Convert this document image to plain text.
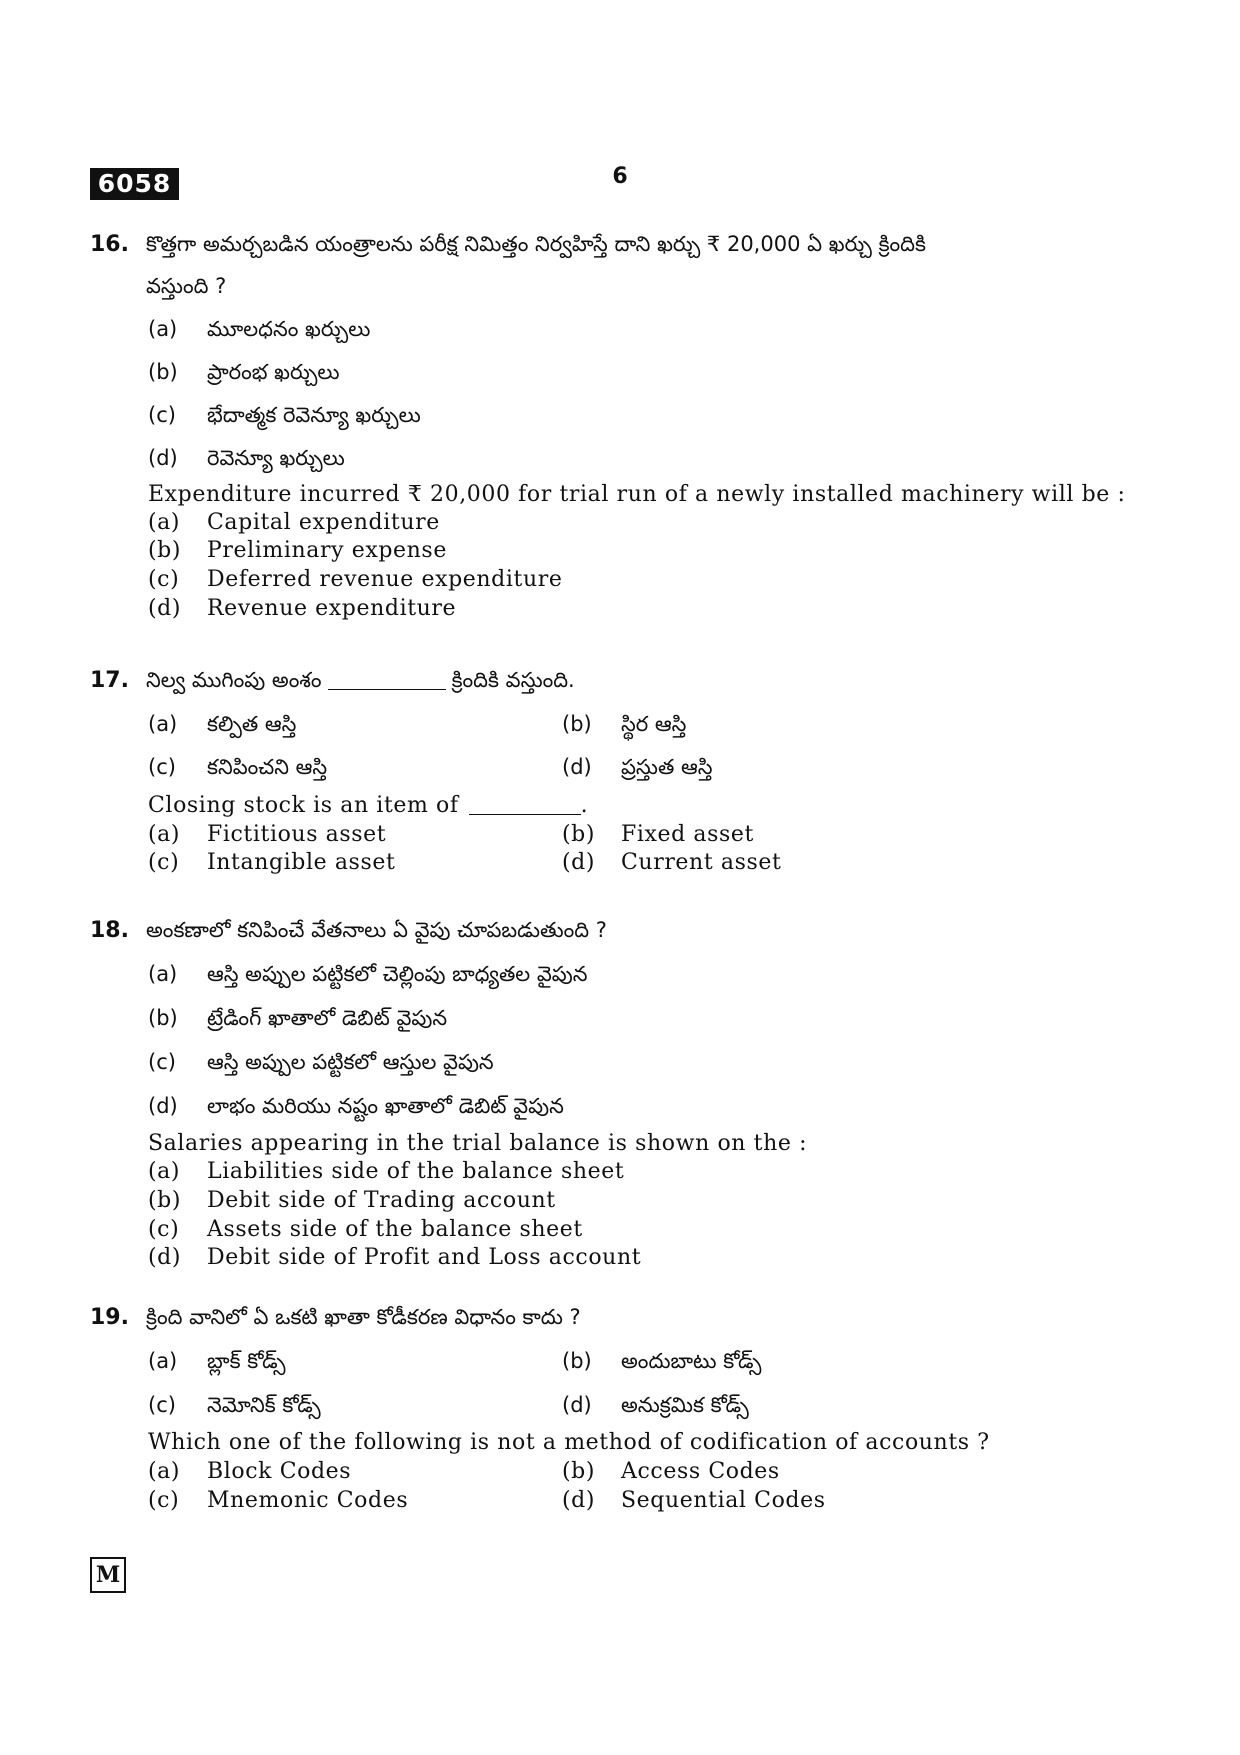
6058	6
16. కొత్తగా అమర్చబడిన యంత్రాలను పరీక్ష నిమిత్తం నిర్వహిస్తే దాని ఖర్చు ₹ 20,000 ఏ ఖర్చు క్రిందికి
వస్తుంది ?
(a) మూలధనం ఖర్చులు
(b) ప్రారంభ ఖర్చులు
(c) భేదాత్మక రెవెన్యూ ఖర్చులు
(d) రెవెన్యూ ఖర్చులు
Expenditure incurred ₹ 20,000 for trial run of a newly installed machinery will be :
(a) Capital expenditure
(b) Preliminary expense
(c) Deferred revenue expenditure
(d) Revenue expenditure
17. నిల్వ ముగింపు అంశం	క్రిందికి వస్తుంది.
(a) కల్పిత ఆస్తి	(b) స్థిర ఆస్తి
(c) కనిపించని ఆస్తి	(d) ప్రస్తుత ఆస్తి
Closing stock is an item of	.
(a) Fictitious asset	(b) Fixed asset
(c) Intangible asset	(d) Current asset
18. అంకణాలో కనిపించే వేతనాలు ఏ వైపు చూపబడుతుంది ?
(a) ఆస్తి అప్పుల పట్టికలో చెల్లింపు బాధ్యతల వైపున
(b) ట్రేడింగ్ ఖాతాలో డెబిట్ వైపున
(c) ఆస్తి అప్పుల పట్టికలో ఆస్తుల వైపున
(d) లాభం మరియు నష్టం ఖాతాలో డెబిట్ వైపున
Salaries appearing in the trial balance is shown on the :
(a) Liabilities side of the balance sheet
(b) Debit side of Trading account
(c) Assets side of the balance sheet
(d) Debit side of Profit and Loss account
19. క్రింది వానిలో ఏ ఒకటి ఖాతా కోడీకరణ విధానం కాదు ?
(a) బ్లాక్ కోడ్స్	(b) అందుబాటు కోడ్స్
(c) నెమోనిక్ కోడ్స్	(d) అనుక్రమిక కోడ్స్
Which one of the following is not a method of codification of accounts ?
(a) Block Codes	(b) Access Codes
(c) Mnemonic Codes	(d) Sequential Codes
M
